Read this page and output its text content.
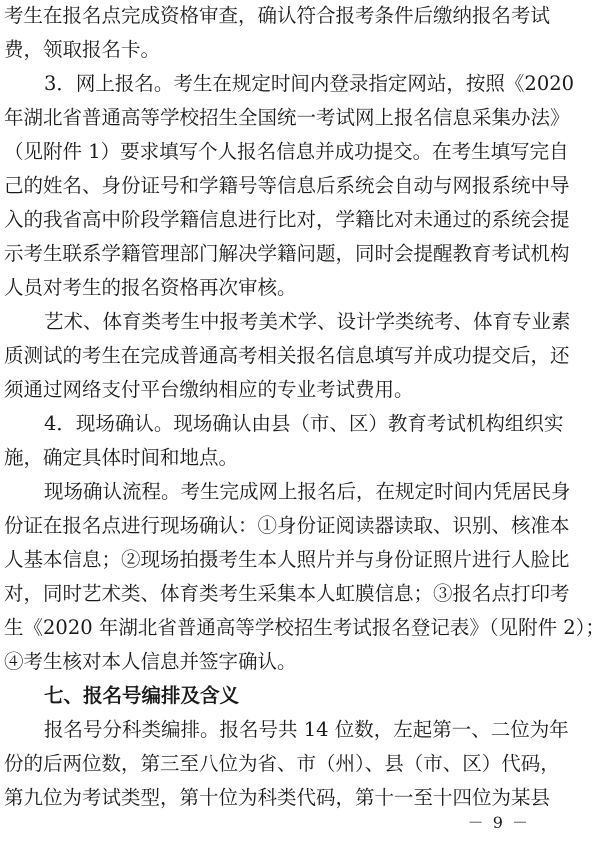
考生在报名点完成资格审查，确认符合报考条件后缴纳报名考试
费，领取报名卡。
3．网上报名。考生在规定时间内登录指定网站，按照《2020
年湖北省普通高等学校招生全国统一考试网上报名信息采集办法》
（见附件 1）要求填写个人报名信息并成功提交。在考生填写完自
己的姓名、身份证号和学籍号等信息后系统会自动与网报系统中导
入的我省高中阶段学籍信息进行比对，学籍比对未通过的系统会提
示考生联系学籍管理部门解决学籍问题，同时会提醒教育考试机构
人员对考生的报名资格再次审核。
艺术、体育类考生中报考美术学、设计学类统考、体育专业素
质测试的考生在完成普通高考相关报名信息填写并成功提交后，还
须通过网络支付平台缴纳相应的专业考试费用。
4．现场确认。现场确认由县（市、区）教育考试机构组织实
施，确定具体时间和地点。
现场确认流程。考生完成网上报名后，在规定时间内凭居民身
份证在报名点进行现场确认：①身份证阅读器读取、识别、核准本
人基本信息；②现场拍摄考生本人照片并与身份证照片进行人脸比
对，同时艺术类、体育类考生采集本人虹膜信息；③报名点打印考
生《2020 年湖北省普通高等学校招生考试报名登记表》（见附件 2）；
④考生核对本人信息并签字确认。
七、报名号编排及含义
报名号分科类编排。报名号共 14 位数，左起第一、二位为年
份的后两位数，第三至八位为省、市（州）、县（市、区）代码，
第九位为考试类型，第十位为科类代码，第十一至十四位为某县
－ 9 －
